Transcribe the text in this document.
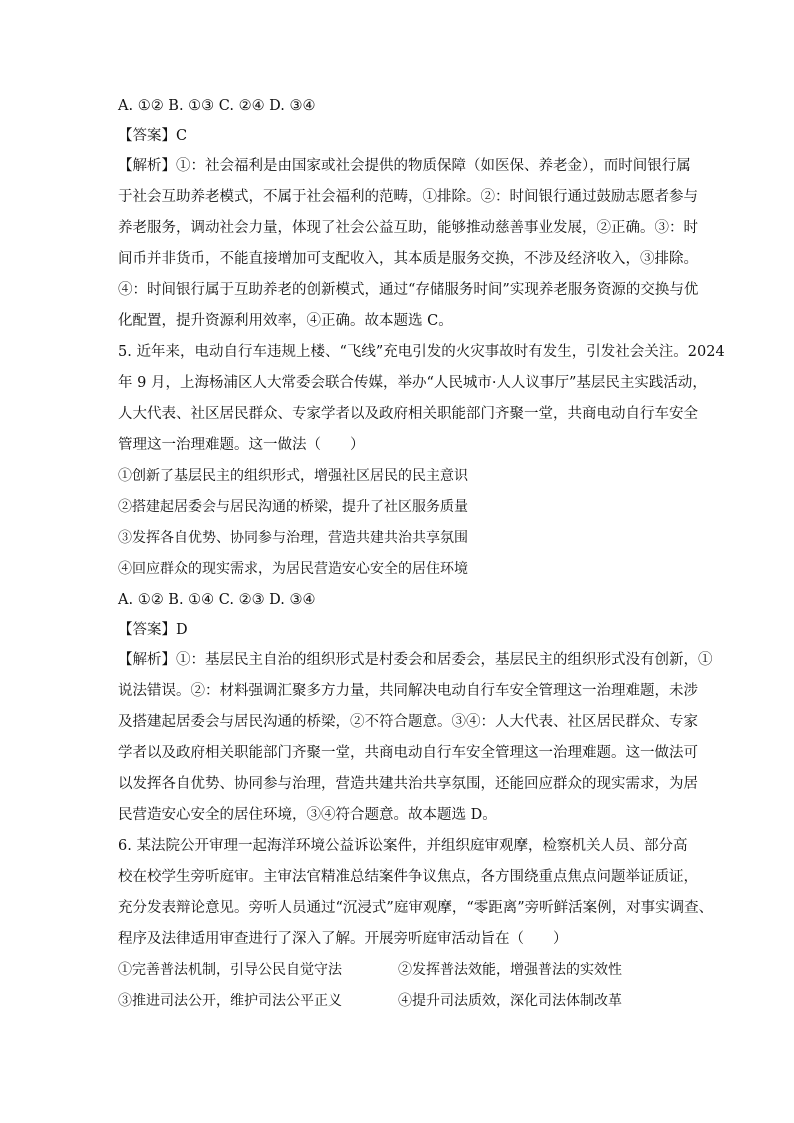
A. ①② B. ①③ C. ②④ D. ③④
【答案】C
【解析】①：社会福利是由国家或社会提供的物质保障（如医保、养老金），而时间银行属
于社会互助养老模式，不属于社会福利的范畴，①排除。②：时间银行通过鼓励志愿者参与
养老服务，调动社会力量，体现了社会公益互助，能够推动慈善事业发展，②正确。③：时
间币并非货币，不能直接增加可支配收入，其本质是服务交换，不涉及经济收入，③排除。
④：时间银行属于互助养老的创新模式，通过“存储服务时间”实现养老服务资源的交换与优
化配置，提升资源利用效率，④正确。故本题选 C。
5. 近年来，电动自行车违规上楼、“飞线”充电引发的火灾事故时有发生，引发社会关注。2024
年 9 月，上海杨浦区人大常委会联合传媒，举办“人民城市·人人议事厅”基层民主实践活动，
人大代表、社区居民群众、专家学者以及政府相关职能部门齐聚一堂，共商电动自行车安全
管理这一治理难题。这一做法（　　）
①创新了基层民主的组织形式，增强社区居民的民主意识
②搭建起居委会与居民沟通的桥梁，提升了社区服务质量
③发挥各自优势、协同参与治理，营造共建共治共享氛围
④回应群众的现实需求，为居民营造安心安全的居住环境
A. ①② B. ①④ C. ②③ D. ③④
【答案】D
【解析】①：基层民主自治的组织形式是村委会和居委会，基层民主的组织形式没有创新，①
说法错误。②：材料强调汇聚多方力量，共同解决电动自行车安全管理这一治理难题，未涉
及搭建起居委会与居民沟通的桥梁，②不符合题意。③④：人大代表、社区居民群众、专家
学者以及政府相关职能部门齐聚一堂，共商电动自行车安全管理这一治理难题。这一做法可
以发挥各自优势、协同参与治理，营造共建共治共享氛围，还能回应群众的现实需求，为居
民营造安心安全的居住环境，③④符合题意。故本题选 D。
6. 某法院公开审理一起海洋环境公益诉讼案件，并组织庭审观摩，检察机关人员、部分高
校在校学生旁听庭审。主审法官精准总结案件争议焦点，各方围绕重点焦点问题举证质证，
充分发表辩论意见。旁听人员通过“沉浸式”庭审观摩，“零距离”旁听鲜活案例，对事实调查、
程序及法律适用审查进行了深入了解。开展旁听庭审活动旨在（　　）
①完善普法机制，引导公民自觉守法	②发挥普法效能，增强普法的实效性
③推进司法公开，维护司法公平正义	④提升司法质效，深化司法体制改革
